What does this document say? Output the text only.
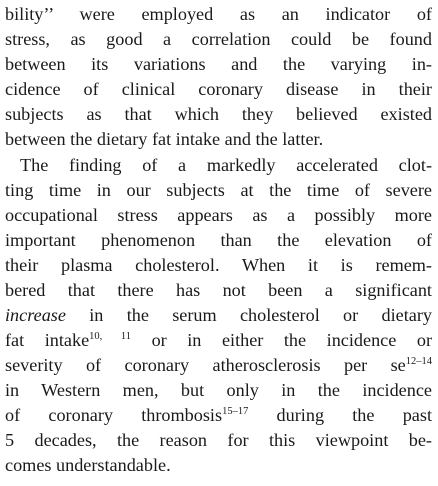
bility’’ were employed as an indicator of
stress, as good a correlation could be found
between its variations and the varying in-
cidence of clinical coronary disease in their
subjects as that which they believed existed
between the dietary fat intake and the latter.
The finding of a markedly accelerated clot-
ting time in our subjects at the time of severe
occupational stress appears as a possibly more
important phenomenon than the elevation of
their plasma cholesterol. When it is remem-
bered that there has not been a significant
increase in the serum cholesterol or dietary
fat intake$^{10, 11}$ or in either the incidence or
severity of coronary atherosclerosis per se$^{12-14}$
in Western men, but only in the incidence
of coronary thrombosis$^{15-17}$ during the past
5 decades, the reason for this viewpoint be-
comes understandable.
